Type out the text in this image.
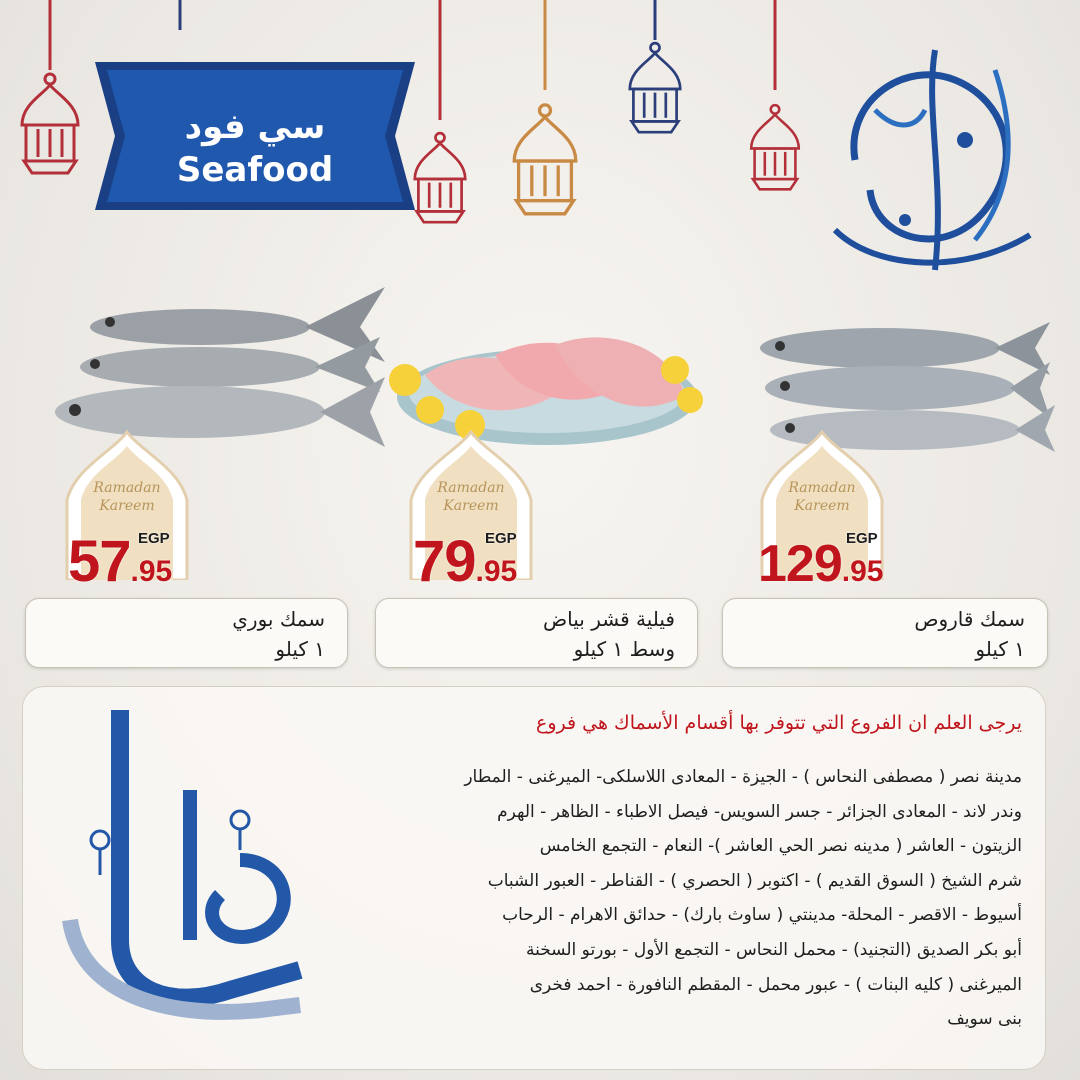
سي فود
Seafood
Ramadan
Kareem
Ramadan
Kareem
Ramadan
Kareem
57.95
EGP	79.95
EGP	129.95
EGP
سمك بوري
١ كيلو
فيلية قشر بياض
وسط ١ كيلو
سمك قاروص
١ كيلو
يرجى العلم ان الفروع التي تتوفر بها أقسام الأسماك هي فروع
مدينة نصر ( مصطفى النحاس ) - الجيزة - المعادى اللاسلكى- الميرغنى - المطار
وندر لاند - المعادى الجزائر - جسر السويس- فيصل الاطباء - الظاهر - الهرم
الزيتون - العاشر ( مدينه نصر الحي العاشر )- النعام - التجمع الخامس
شرم الشيخ ( السوق القديم ) - اكتوبر ( الحصري ) - القناطر - العبور الشباب
أسيوط - الاقصر - المحلة- مدينتي ( ساوث بارك) - حدائق الاهرام - الرحاب
أبو بكر الصديق (التجنيد) - محمل النحاس - التجمع الأول - بورتو السخنة
الميرغنى ( كليه البنات ) - عبور محمل - المقطم النافورة - احمد فخرى
بنى سويف
